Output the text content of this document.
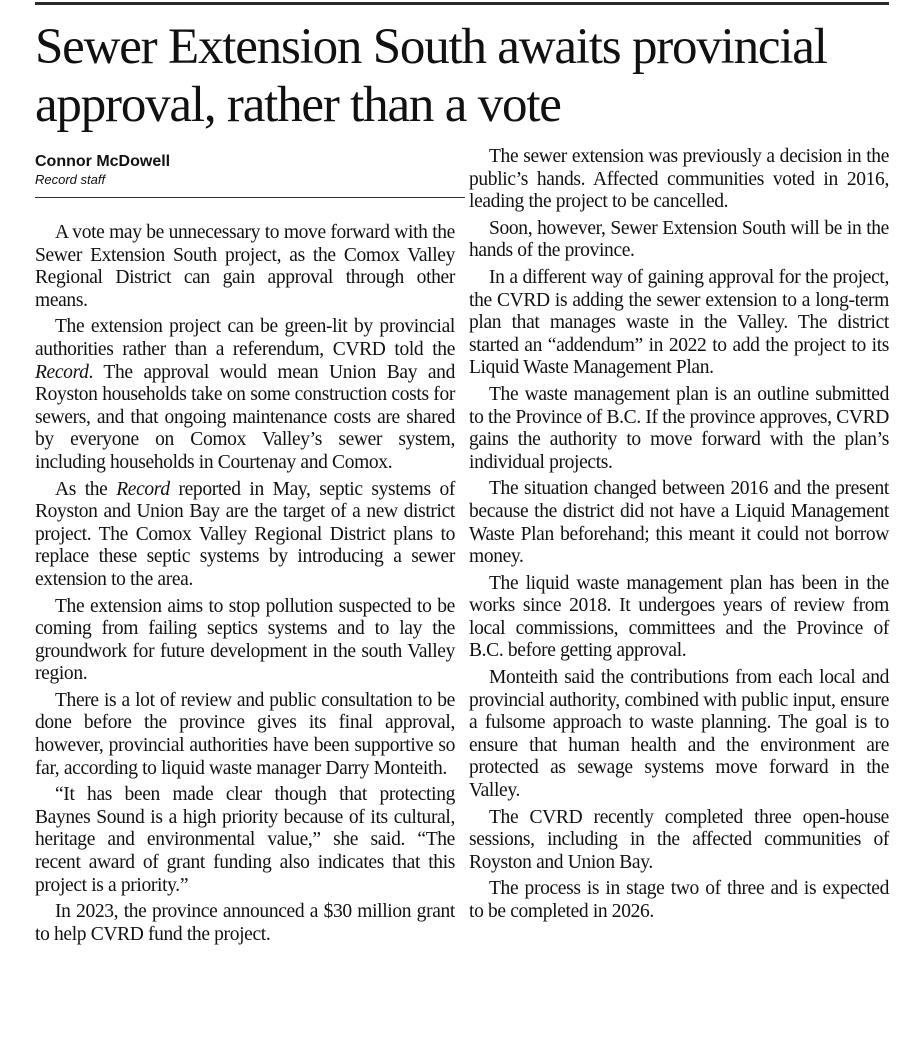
Sewer Extension South awaits provincial approval, rather than a vote
Connor McDowell
Record staff

A vote may be unnecessary to move forward with the Sewer Extension South project, as the Comox Valley Regional District can gain approval through other means.

The extension project can be green-lit by provincial authorities rather than a referendum, CVRD told the Record. The approval would mean Union Bay and Royston households take on some construction costs for sewers, and that ongoing maintenance costs are shared by everyone on Comox Valley’s sewer system, including households in Courtenay and Comox.

As the Record reported in May, septic systems of Royston and Union Bay are the target of a new district project. The Comox Valley Regional District plans to replace these septic systems by introducing a sewer extension to the area.

The extension aims to stop pollution suspected to be coming from failing septics systems and to lay the groundwork for future development in the south Valley region.

There is a lot of review and public consultation to be done before the province gives its final approval, however, provincial authorities have been supportive so far, according to liquid waste manager Darry Monteith.

“It has been made clear though that protecting Baynes Sound is a high priority because of its cultural, heritage and environmental value,” she said. “The recent award of grant funding also indicates that this project is a priority.”

In 2023, the province announced a $30 million grant to help CVRD fund the project.

The sewer extension was previously a decision in the public’s hands. Affected communities voted in 2016, leading the project to be cancelled.

Soon, however, Sewer Extension South will be in the hands of the province.

In a different way of gaining approval for the project, the CVRD is adding the sewer extension to a long-term plan that manages waste in the Valley. The district started an “addendum” in 2022 to add the project to its Liquid Waste Management Plan.

The waste management plan is an outline submitted to the Province of B.C. If the province approves, CVRD gains the authority to move forward with the plan’s individual projects.

The situation changed between 2016 and the present because the district did not have a Liquid Management Waste Plan beforehand; this meant it could not borrow money.

The liquid waste management plan has been in the works since 2018. It undergoes years of review from local commissions, committees and the Province of B.C. before getting approval.

Monteith said the contributions from each local and provincial authority, combined with public input, ensure a fulsome approach to waste planning. The goal is to ensure that human health and the environment are protected as sewage systems move forward in the Valley.

The CVRD recently completed three open-house sessions, including in the affected communities of Royston and Union Bay.

The process is in stage two of three and is expected to be completed in 2026.
